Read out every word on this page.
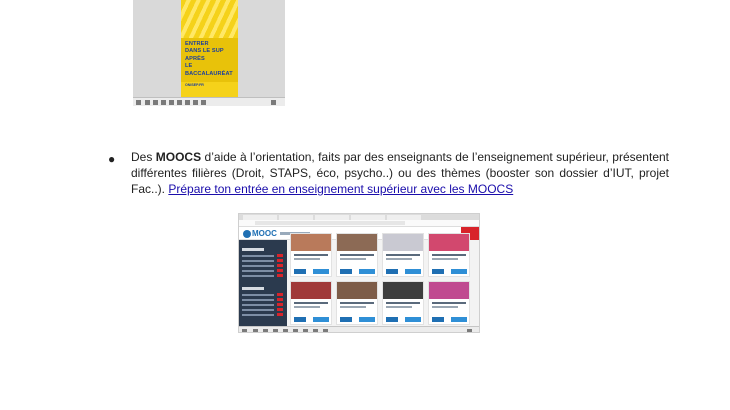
ENTRER
DANS LE SUP
APRÈS
LE BACCALAURÉAT
ONISEP.FR
● Des MOOCS d’aide à l’orientation, faits par des enseignants de l’enseignement supérieur, présentent différentes filières (Droit, STAPS, éco, psycho..) ou des thèmes (booster son dossier d’IUT, projet Fac..). Prépare ton entrée en enseignement supérieur avec les MOOCS

MOOC
